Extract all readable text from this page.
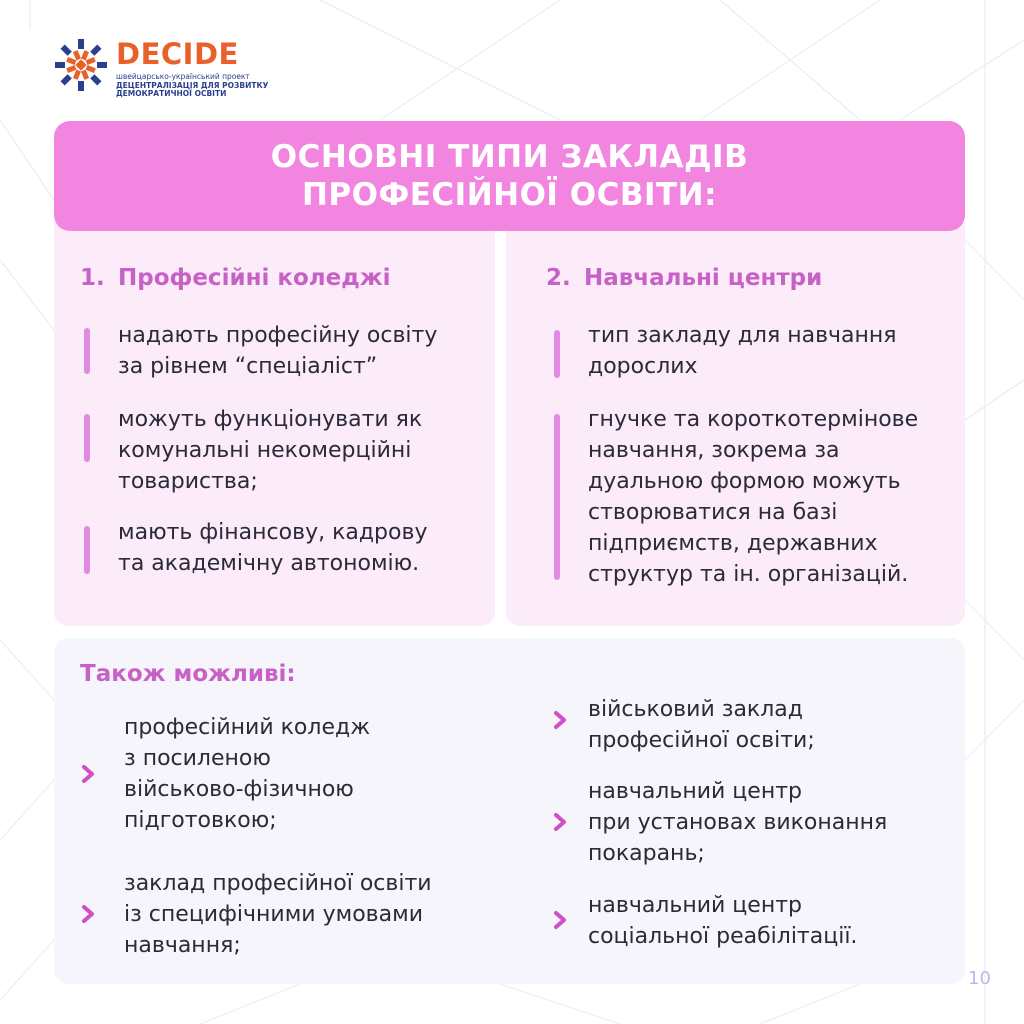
DECIDE
швейцарсько-український проект
ДЕЦЕНТРАЛІЗАЦІЯ ДЛЯ РОЗВИТКУ
ДЕМОКРАТИЧНОЇ ОСВІТИ
1. Професійні коледжі
надають професійну освіту
за рівнем “спеціаліст”
можуть функціонувати як
комунальні некомерційні
товариства;
мають фінансову, кадрову
та академічну автономію.
2. Навчальні центри
тип закладу для навчання
дорослих
гнучке та короткотермінове
навчання, зокрема за
дуальною формою можуть
створюватися на базі
підприємств, державних
структур та ін. організацій.
ОСНОВНІ ТИПИ ЗАКЛАДІВ
ПРОФЕСІЙНОЇ ОСВІТИ:
Також можливі:
професійний коледж
з посиленою
військово-фізичною
підготовкою;
заклад професійної освіти
із специфічними умовами
навчання;
військовий заклад
професійної освіти;
навчальний центр
при установах виконання
покарань;
навчальний центр
соціальної реабілітації.
10
